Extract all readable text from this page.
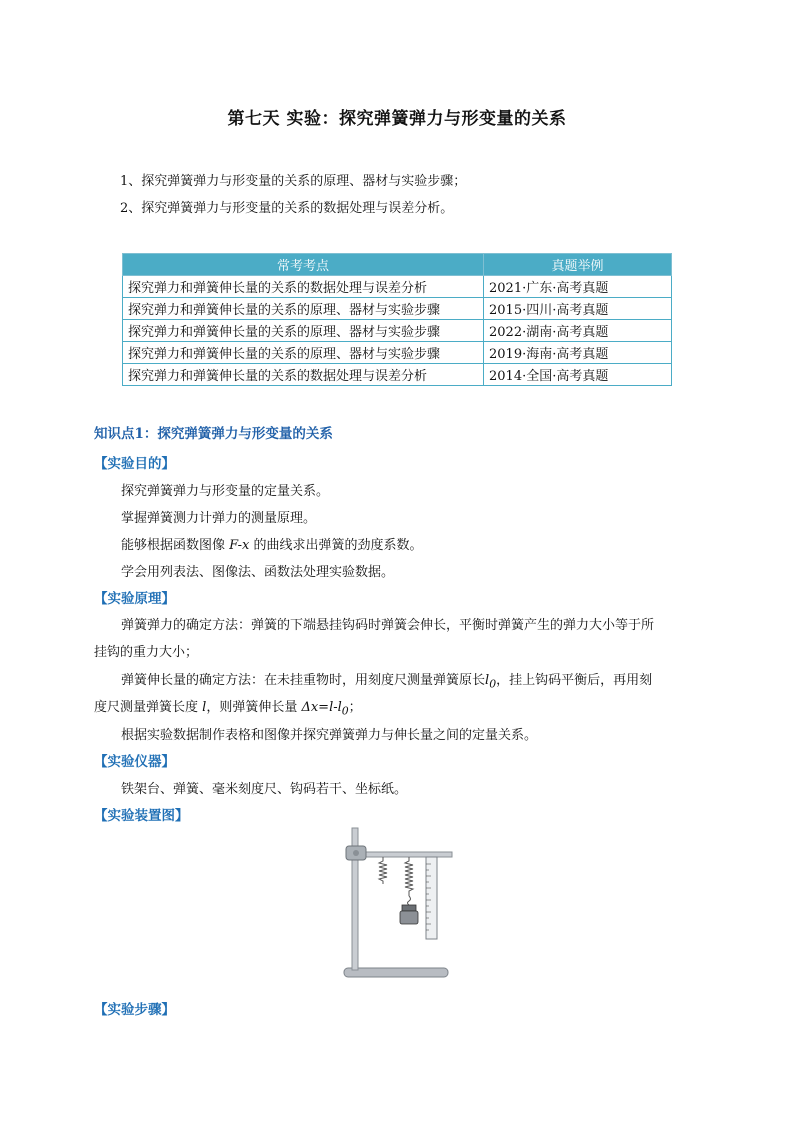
第七天 实验：探究弹簧弹力与形变量的关系
1、探究弹簧弹力与形变量的关系的原理、器材与实验步骤；
2、探究弹簧弹力与形变量的关系的数据处理与误差分析。
常考考点	真题举例
探究弹力和弹簧伸长量的关系的数据处理与误差分析	2021·广东·高考真题
探究弹力和弹簧伸长量的关系的原理、器材与实验步骤	2015·四川·高考真题
探究弹力和弹簧伸长量的关系的原理、器材与实验步骤	2022·湖南·高考真题
探究弹力和弹簧伸长量的关系的原理、器材与实验步骤	2019·海南·高考真题
探究弹力和弹簧伸长量的关系的数据处理与误差分析	2014·全国·高考真题
知识点1：探究弹簧弹力与形变量的关系
【实验目的】
探究弹簧弹力与形变量的定量关系。
掌握弹簧测力计弹力的测量原理。
能够根据函数图像 F-x 的曲线求出弹簧的劲度系数。
学会用列表法、图像法、函数法处理实验数据。
【实验原理】
弹簧弹力的确定方法：弹簧的下端悬挂钩码时弹簧会伸长，平衡时弹簧产生的弹力大小等于所
挂钩的重力大小；
弹簧伸长量的确定方法：在未挂重物时，用刻度尺测量弹簧原长$l_0$，挂上钩码平衡后，再用刻
度尺测量弹簧长度 l，则弹簧伸长量 $\Delta x=l-l_0$；
根据实验数据制作表格和图像并探究弹簧弹力与伸长量之间的定量关系。
【实验仪器】
铁架台、弹簧、毫米刻度尺、钩码若干、坐标纸。
【实验装置图】
【实验步骤】
